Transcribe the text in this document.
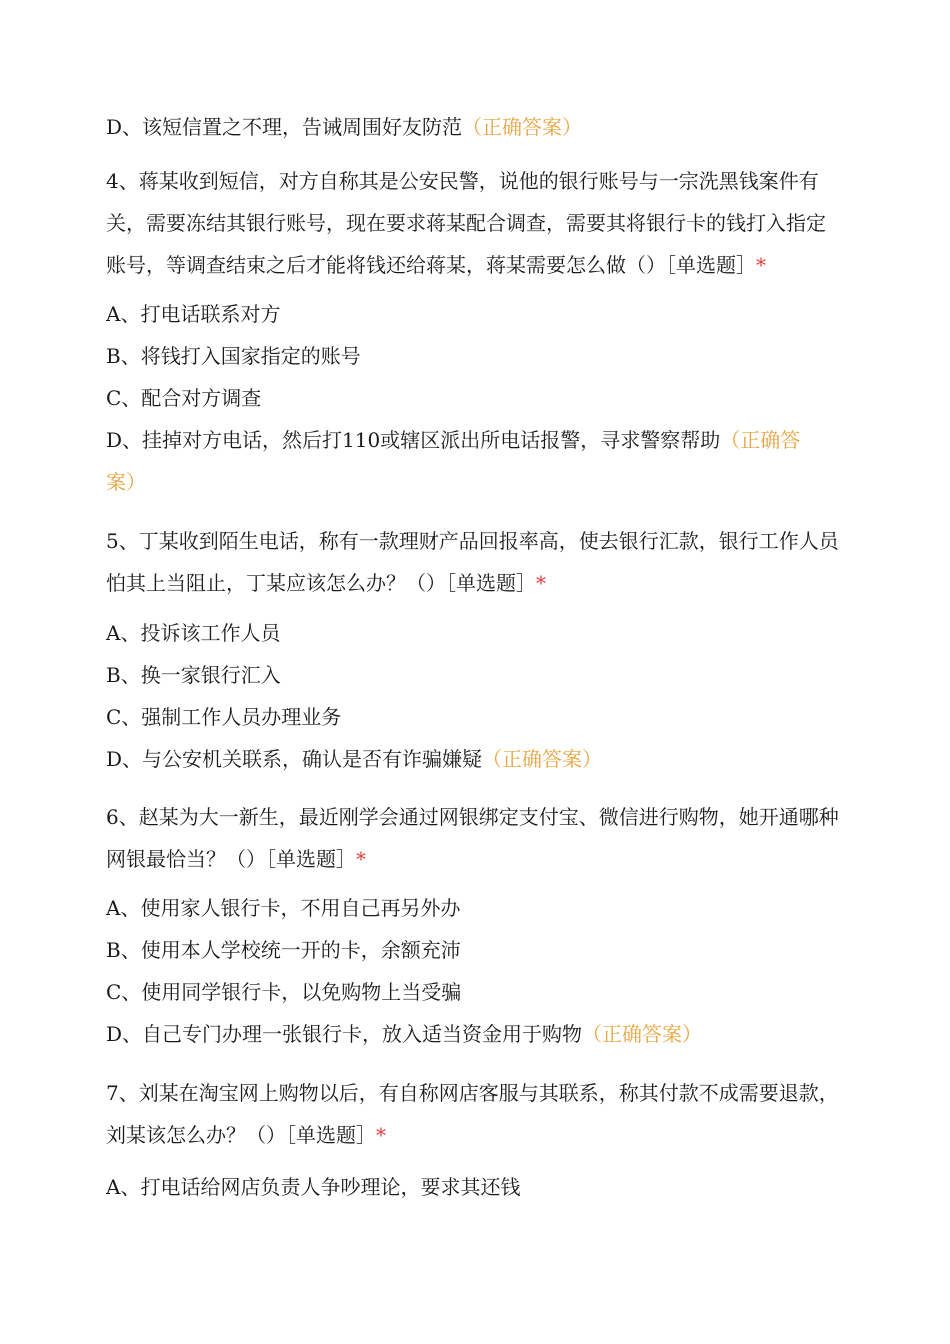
D、该短信置之不理，告诫周围好友防范（正确答案）
4、蒋某收到短信，对方自称其是公安民警，说他的银行账号与一宗洗黑钱案件有关，需要冻结其银行账号，现在要求蒋某配合调查，需要其将银行卡的钱打入指定账号，等调查结束之后才能将钱还给蒋某，蒋某需要怎么做（）［单选题］*
A、打电话联系对方
B、将钱打入国家指定的账号
C、配合对方调查
D、挂掉对方电话，然后打110或辖区派出所电话报警，寻求警察帮助（正确答案）
5、丁某收到陌生电话，称有一款理财产品回报率高，使去银行汇款，银行工作人员怕其上当阻止，丁某应该怎么办？（）［单选题］*
A、投诉该工作人员
B、换一家银行汇入
C、强制工作人员办理业务
D、与公安机关联系，确认是否有诈骗嫌疑（正确答案）
6、赵某为大一新生，最近刚学会通过网银绑定支付宝、微信进行购物，她开通哪种网银最恰当？（）［单选题］*
A、使用家人银行卡，不用自己再另外办
B、使用本人学校统一开的卡，余额充沛
C、使用同学银行卡，以免购物上当受骗
D、自己专门办理一张银行卡，放入适当资金用于购物（正确答案）
7、刘某在淘宝网上购物以后，有自称网店客服与其联系，称其付款不成需要退款，刘某该怎么办？（）［单选题］*
A、打电话给网店负责人争吵理论，要求其还钱
